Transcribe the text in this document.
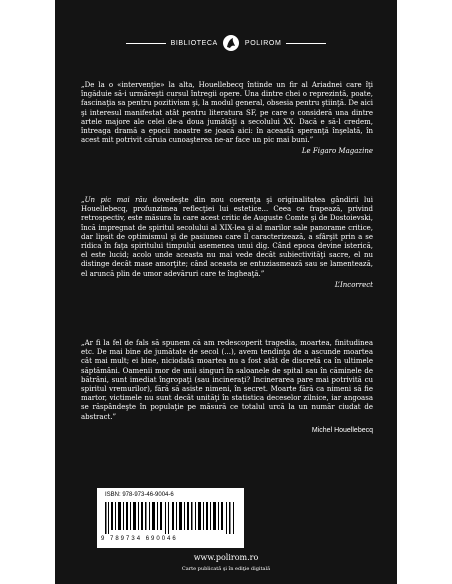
BIBLIOTECA	POLIROM

„De la o «intervenţie» la alta, Houellebecq întinde un fir al Ariadnei care îţi îngăduie să-i urmăreşti cursul întregii opere. Una dintre chei o reprezintă, poate, fascinaţia sa pentru pozitivism şi, la modul general, obsesia pentru ştiinţă. De aici şi interesul manifestat atât pentru literatura SF, pe care o consideră una dintre artele majore ale celei de-a doua jumătăţi a secolului XX. Dacă e să-l credem, întreaga dramă a epocii noastre se joacă aici: în această speranţă înşelată, în acest mit potrivit căruia cunoaşterea ne-ar face un pic mai buni.”

Le Figaro Magazine

„Un pic mai rău dovedeşte din nou coerenţa şi originalitatea gândirii lui Houellebecq, profunzimea reflecţiei lui estetice... Ceea ce frapează, privind retrospectiv, este măsura în care acest critic de Auguste Comte şi de Dostoievski, încă impregnat de spiritul secolului al XIX-lea şi al marilor sale panorame critice, dar lipsit de optimismul şi de pasiunea care îl caracterizează, a sfârşit prin a se ridica în faţa spiritului timpului asemenea unui dig. Când epoca devine isterică, el este lucid; acolo unde aceasta nu mai vede decât subiectivităţi sacre, el nu distinge decât mase amorţite; când aceasta se entuziasmează sau se lamentează, el aruncă plin de umor adevăruri care te îngheaţă.”

L’Incorrect

„Ar fi la fel de fals să spunem că am redescoperit tragedia, moartea, finitudinea etc. De mai bine de jumătate de secol (...), avem tendinţa de a ascunde moartea cât mai mult; ei bine, niciodată moartea nu a fost atât de discretă ca în ultimele săptămâni. Oamenii mor de unii singuri în saloanele de spital sau în căminele de bătrâni, sunt imediat îngropaţi (sau incineraţi? Incinerarea pare mai potrivită cu spiritul vremurilor), fără să asiste nimeni, în secret. Moarte fără ca nimeni să fie martor, victimele nu sunt decât unităţi în statistica deceselor zilnice, iar angoasa se răspândeşte în populaţie pe măsură ce totalul urcă la un număr ciudat de abstract.”

Michel Houellebecq
ISBN: 978-973-46-9004-6
9 789734 690046
www.polirom.ro
Carte publicată şi în ediţie digitală
